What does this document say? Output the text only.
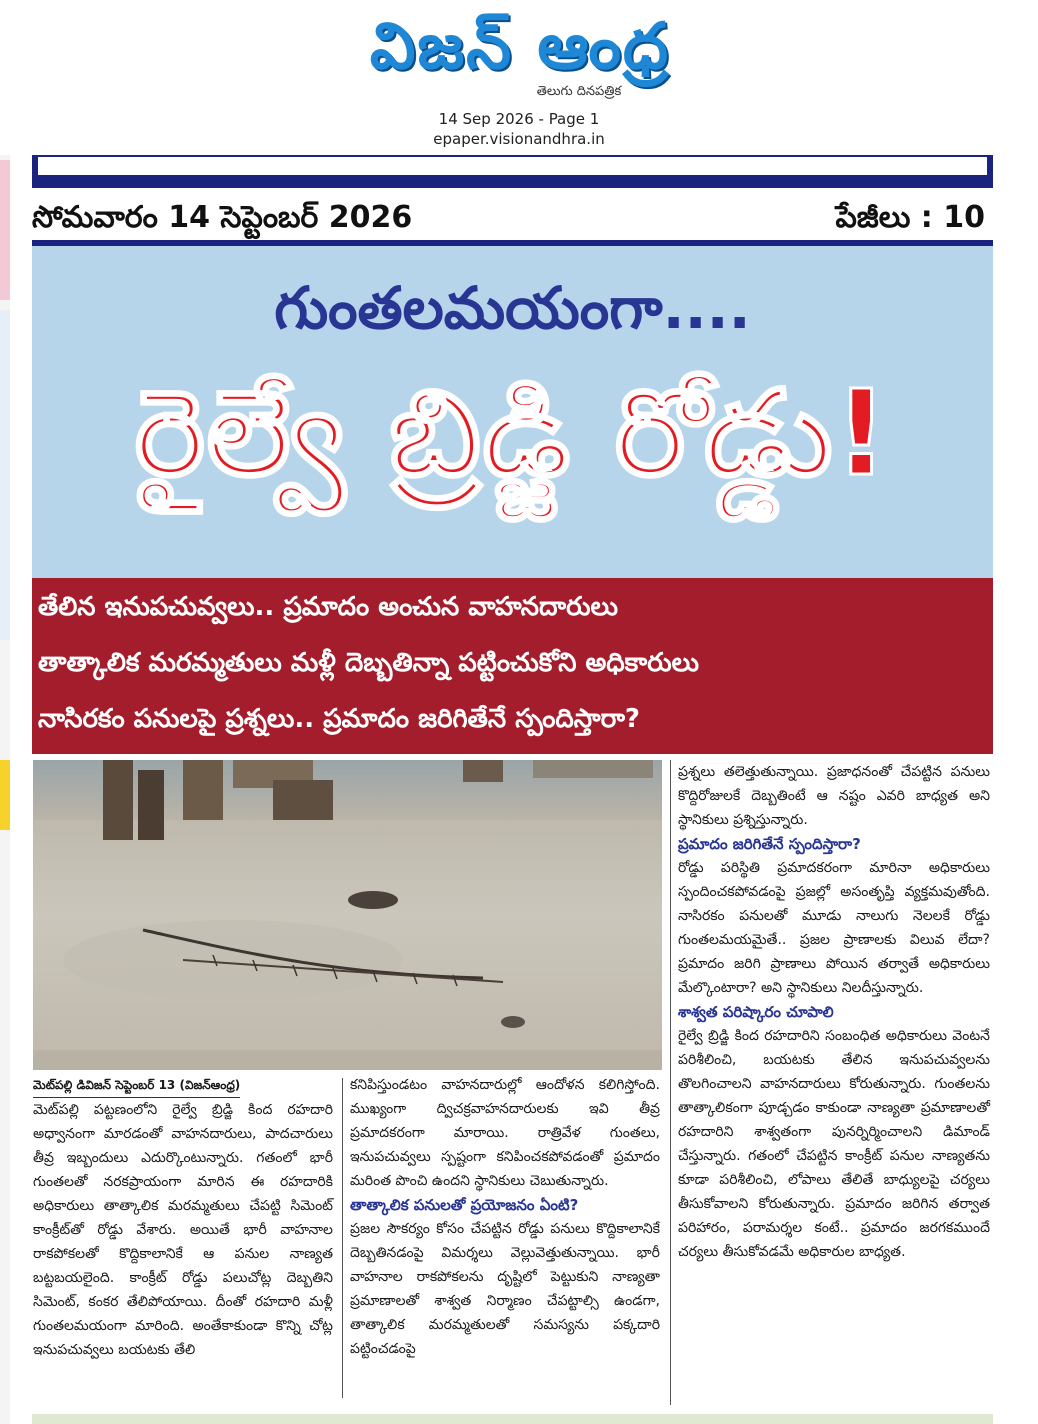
విజన్ ఆంధ్ర
తెలుగు దినపత్రిక
14 Sep 2026 - Page 1
epaper.visionandhra.in
సోమవారం 14 సెప్టెంబర్ 2026	పేజీలు : 10
గుంతలమయంగా....
రైల్వే బ్రిడ్జి రోడ్డు!
తేలిన ఇనుపచువ్వలు.. ప్రమాదం అంచున వాహనదారులు
తాత్కాలిక మరమ్మతులు మళ్లీ దెబ్బతిన్నా పట్టించుకోని అధికారులు
నాసిరకం పనులపై ప్రశ్నలు.. ప్రమాదం జరిగితేనే స్పందిస్తారా?

మెట్‌పల్లి డివిజన్ సెప్టెంబర్ 13 (విజన్‌ఆంధ్ర)

మెట్‌పల్లి పట్టణంలోని రైల్వే బ్రిడ్జి కింద రహదారి అధ్వానంగా మారడంతో వాహనదారులు, పాదచారులు తీవ్ర ఇబ్బందులు ఎదుర్కొంటున్నారు. గతంలో భారీ గుంతలతో నరకప్రాయంగా మారిన ఈ రహదారికి అధికారులు తాత్కాలిక మరమ్మతులు చేపట్టి సిమెంట్ కాంక్రీట్‌తో రోడ్డు వేశారు. అయితే భారీ వాహనాల రాకపోకలతో కొద్దికాలానికే ఆ పనుల నాణ్యత బట్టబయలైంది. కాంక్రీట్ రోడ్డు పలుచోట్ల దెబ్బతిని సిమెంట్, కంకర తేలిపోయాయి. దీంతో రహదారి మళ్లీ గుంతలమయంగా మారింది. అంతేకాకుండా కొన్ని చోట్ల ఇనుపచువ్వలు బయటకు తేలి

కనిపిస్తుండటం వాహనదారుల్లో ఆందోళన కలిగిస్తోంది. ముఖ్యంగా ద్విచక్రవాహనదారులకు ఇవి తీవ్ర ప్రమాదకరంగా మారాయి. రాత్రివేళ గుంతలు, ఇనుపచువ్వలు స్పష్టంగా కనిపించకపోవడంతో ప్రమాదం మరింత పొంచి ఉందని స్థానికులు చెబుతున్నారు.

తాత్కాలిక పనులతో ప్రయోజనం ఏంటి?

ప్రజల సౌకర్యం కోసం చేపట్టిన రోడ్డు పనులు కొద్దికాలానికే దెబ్బతినడంపై విమర్శలు వెల్లువెత్తుతున్నాయి. భారీ వాహనాల రాకపోకలను దృష్టిలో పెట్టుకుని నాణ్యతా ప్రమాణాలతో శాశ్వత నిర్మాణం చేపట్టాల్సి ఉండగా, తాత్కాలిక మరమ్మతులతో సమస్యను పక్కదారి పట్టించడంపై

ప్రశ్నలు తలెత్తుతున్నాయి. ప్రజాధనంతో చేపట్టిన పనులు కొద్దిరోజులకే దెబ్బతింటే ఆ నష్టం ఎవరి బాధ్యత అని స్థానికులు ప్రశ్నిస్తున్నారు.

ప్రమాదం జరిగితేనే స్పందిస్తారా?

రోడ్డు పరిస్థితి ప్రమాదకరంగా మారినా అధికారులు స్పందించకపోవడంపై ప్రజల్లో అసంతృప్తి వ్యక్తమవుతోంది. నాసిరకం పనులతో మూడు నాలుగు నెలలకే రోడ్డు గుంతలమయమైతే.. ప్రజల ప్రాణాలకు విలువ లేదా? ప్రమాదం జరిగి ప్రాణాలు పోయిన తర్వాతే అధికారులు మేల్కొంటారా? అని స్థానికులు నిలదీస్తున్నారు.

శాశ్వత పరిష్కారం చూపాలి

రైల్వే బ్రిడ్జి కింద రహదారిని సంబంధిత అధికారులు వెంటనే పరిశీలించి, బయటకు తేలిన ఇనుపచువ్వలను తొలగించాలని వాహనదారులు కోరుతున్నారు. గుంతలను తాత్కాలికంగా పూడ్చడం కాకుండా నాణ్యతా ప్రమాణాలతో రహదారిని శాశ్వతంగా పునర్నిర్మించాలని డిమాండ్ చేస్తున్నారు. గతంలో చేపట్టిన కాంక్రీట్ పనుల నాణ్యతను కూడా పరిశీలించి, లోపాలు తేలితే బాధ్యులపై చర్యలు తీసుకోవాలని కోరుతున్నారు. ప్రమాదం జరిగిన తర్వాత పరిహారం, పరామర్శల కంటే.. ప్రమాదం జరగకముందే చర్యలు తీసుకోవడమే అధికారుల బాధ్యత.
